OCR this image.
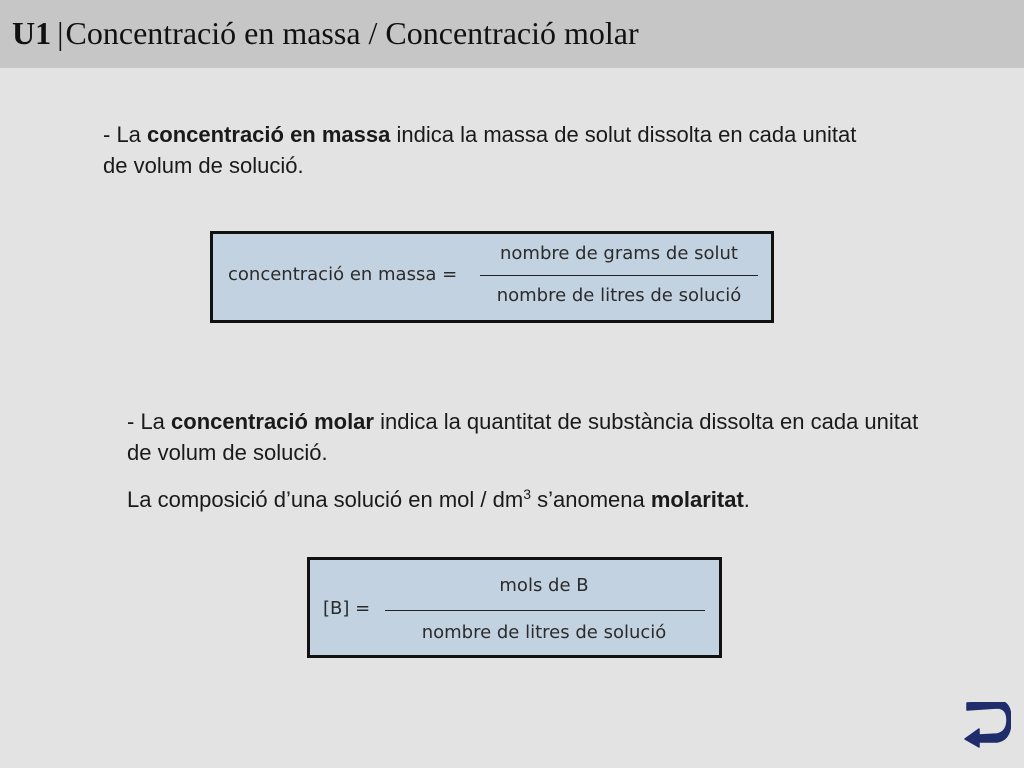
U1 |Concentració en massa / Concentració molar
- La concentració en massa indica la massa de solut dissolta en cada unitat de volum de solució.
concentració en massa =
nombre de grams de solut
nombre de litres de solució
- La concentració molar indica la quantitat de substància dissolta en cada unitat de volum de solució.
La composició d’una solució en mol / $dm^3$ s’anomena molaritat.
[B] =
mols de B
nombre de litres de solució
